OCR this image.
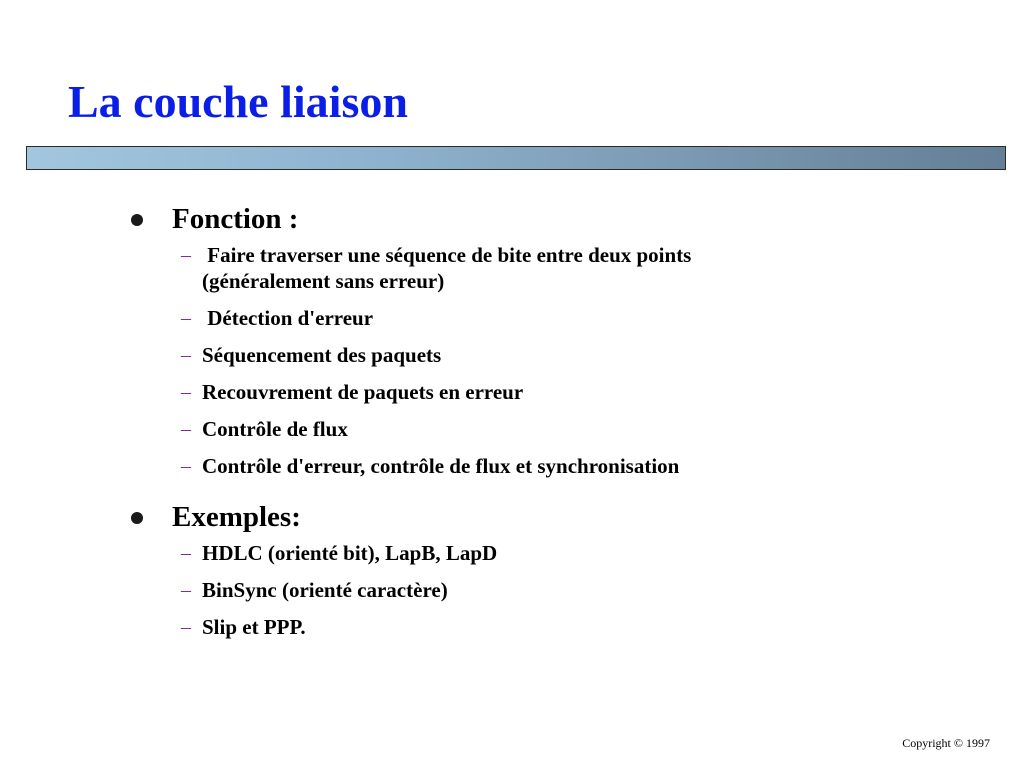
La couche liaison
Fonction :
– Faire traverser une séquence de bite entre deux points (généralement sans erreur)
– Détection d'erreur
– Séquencement des paquets
– Recouvrement de paquets en erreur
– Contrôle de flux
– Contrôle d'erreur, contrôle de flux et synchronisation
Exemples:
– HDLC (orienté bit), LapB, LapD
– BinSync (orienté caractère)
– Slip et PPP.
Copyright © 1997
